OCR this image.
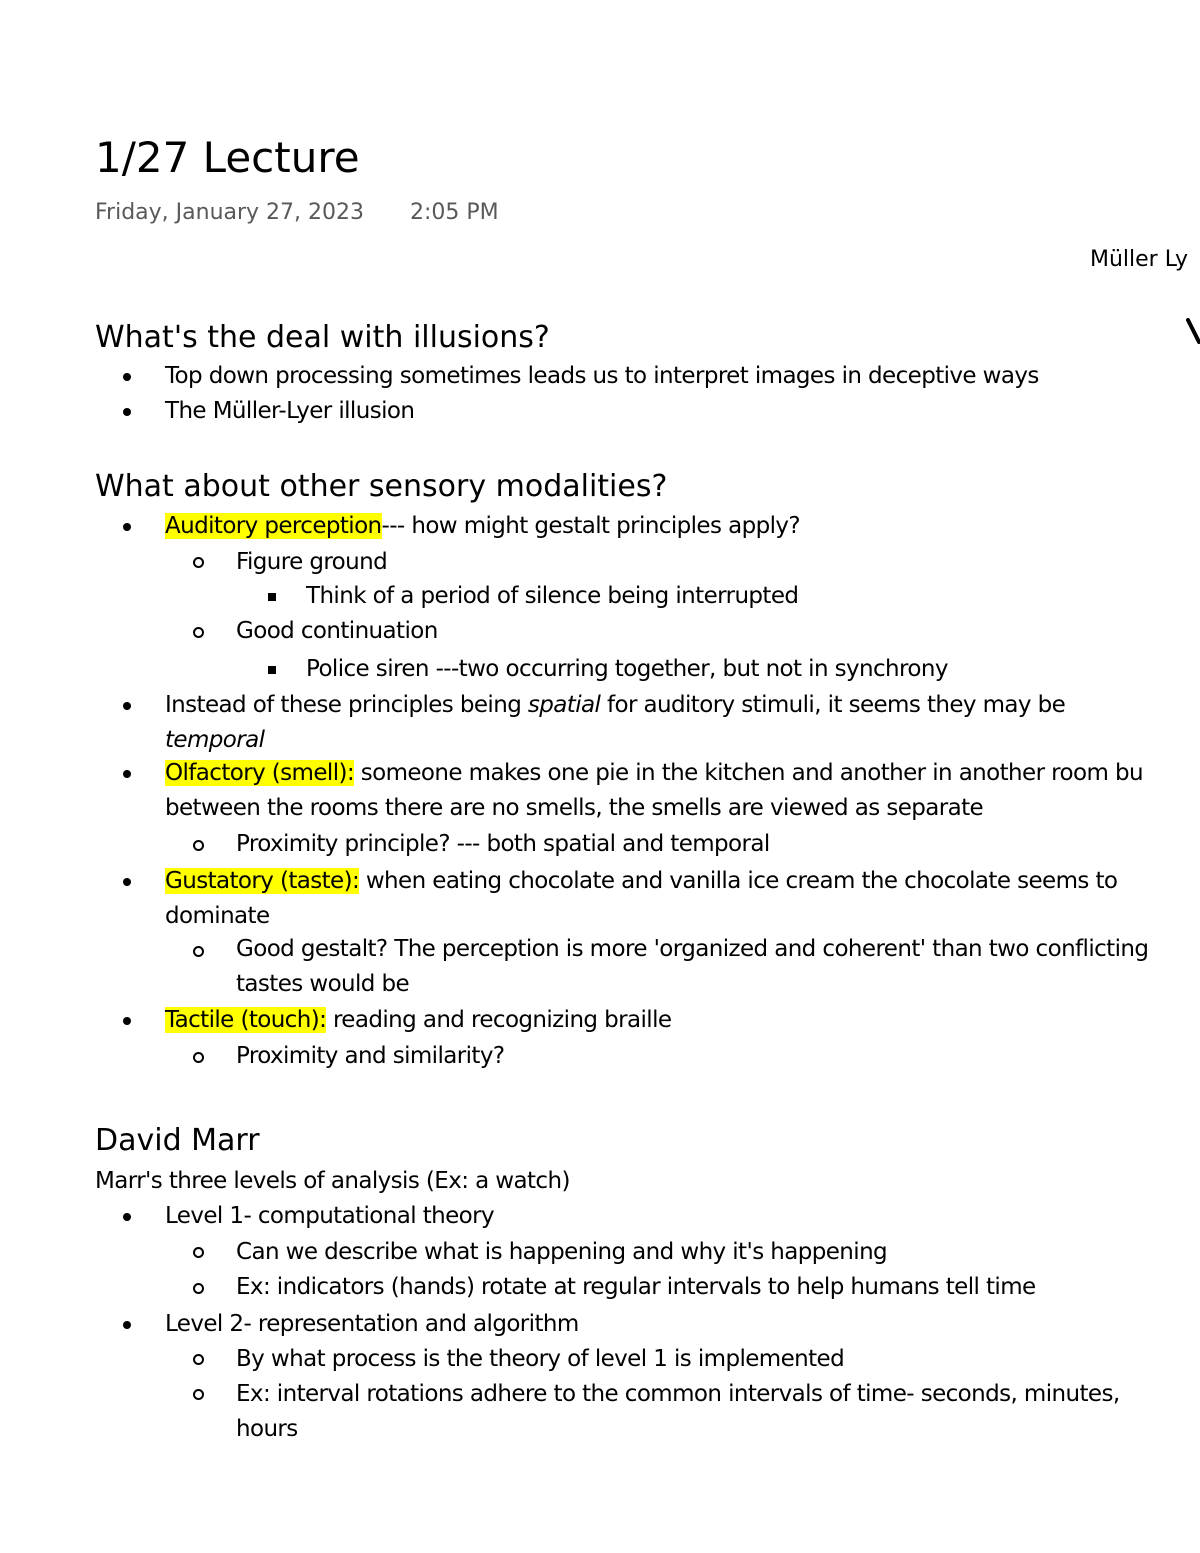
1/27 Lecture
Friday, January 27, 2023 2:05 PM
Müller Ly
What's the deal with illusions?
Top down processing sometimes leads us to interpret images in deceptive ways
The Müller-Lyer illusion
What about other sensory modalities?
Auditory perception--- how might gestalt principles apply?
Figure ground
Think of a period of silence being interrupted
Good continuation
Police siren ---two occurring together, but not in synchrony
Instead of these principles being spatial for auditory stimuli, it seems they may be
temporal
Olfactory (smell): someone makes one pie in the kitchen and another in another room bu
between the rooms there are no smells, the smells are viewed as separate
Proximity principle? --- both spatial and temporal
Gustatory (taste): when eating chocolate and vanilla ice cream the chocolate seems to
dominate
Good gestalt? The perception is more 'organized and coherent' than two conflicting
tastes would be
Tactile (touch): reading and recognizing braille
Proximity and similarity?
David Marr
Marr's three levels of analysis (Ex: a watch)
Level 1- computational theory
Can we describe what is happening and why it's happening
Ex: indicators (hands) rotate at regular intervals to help humans tell time
Level 2- representation and algorithm
By what process is the theory of level 1 is implemented
Ex: interval rotations adhere to the common intervals of time- seconds, minutes,
hours
